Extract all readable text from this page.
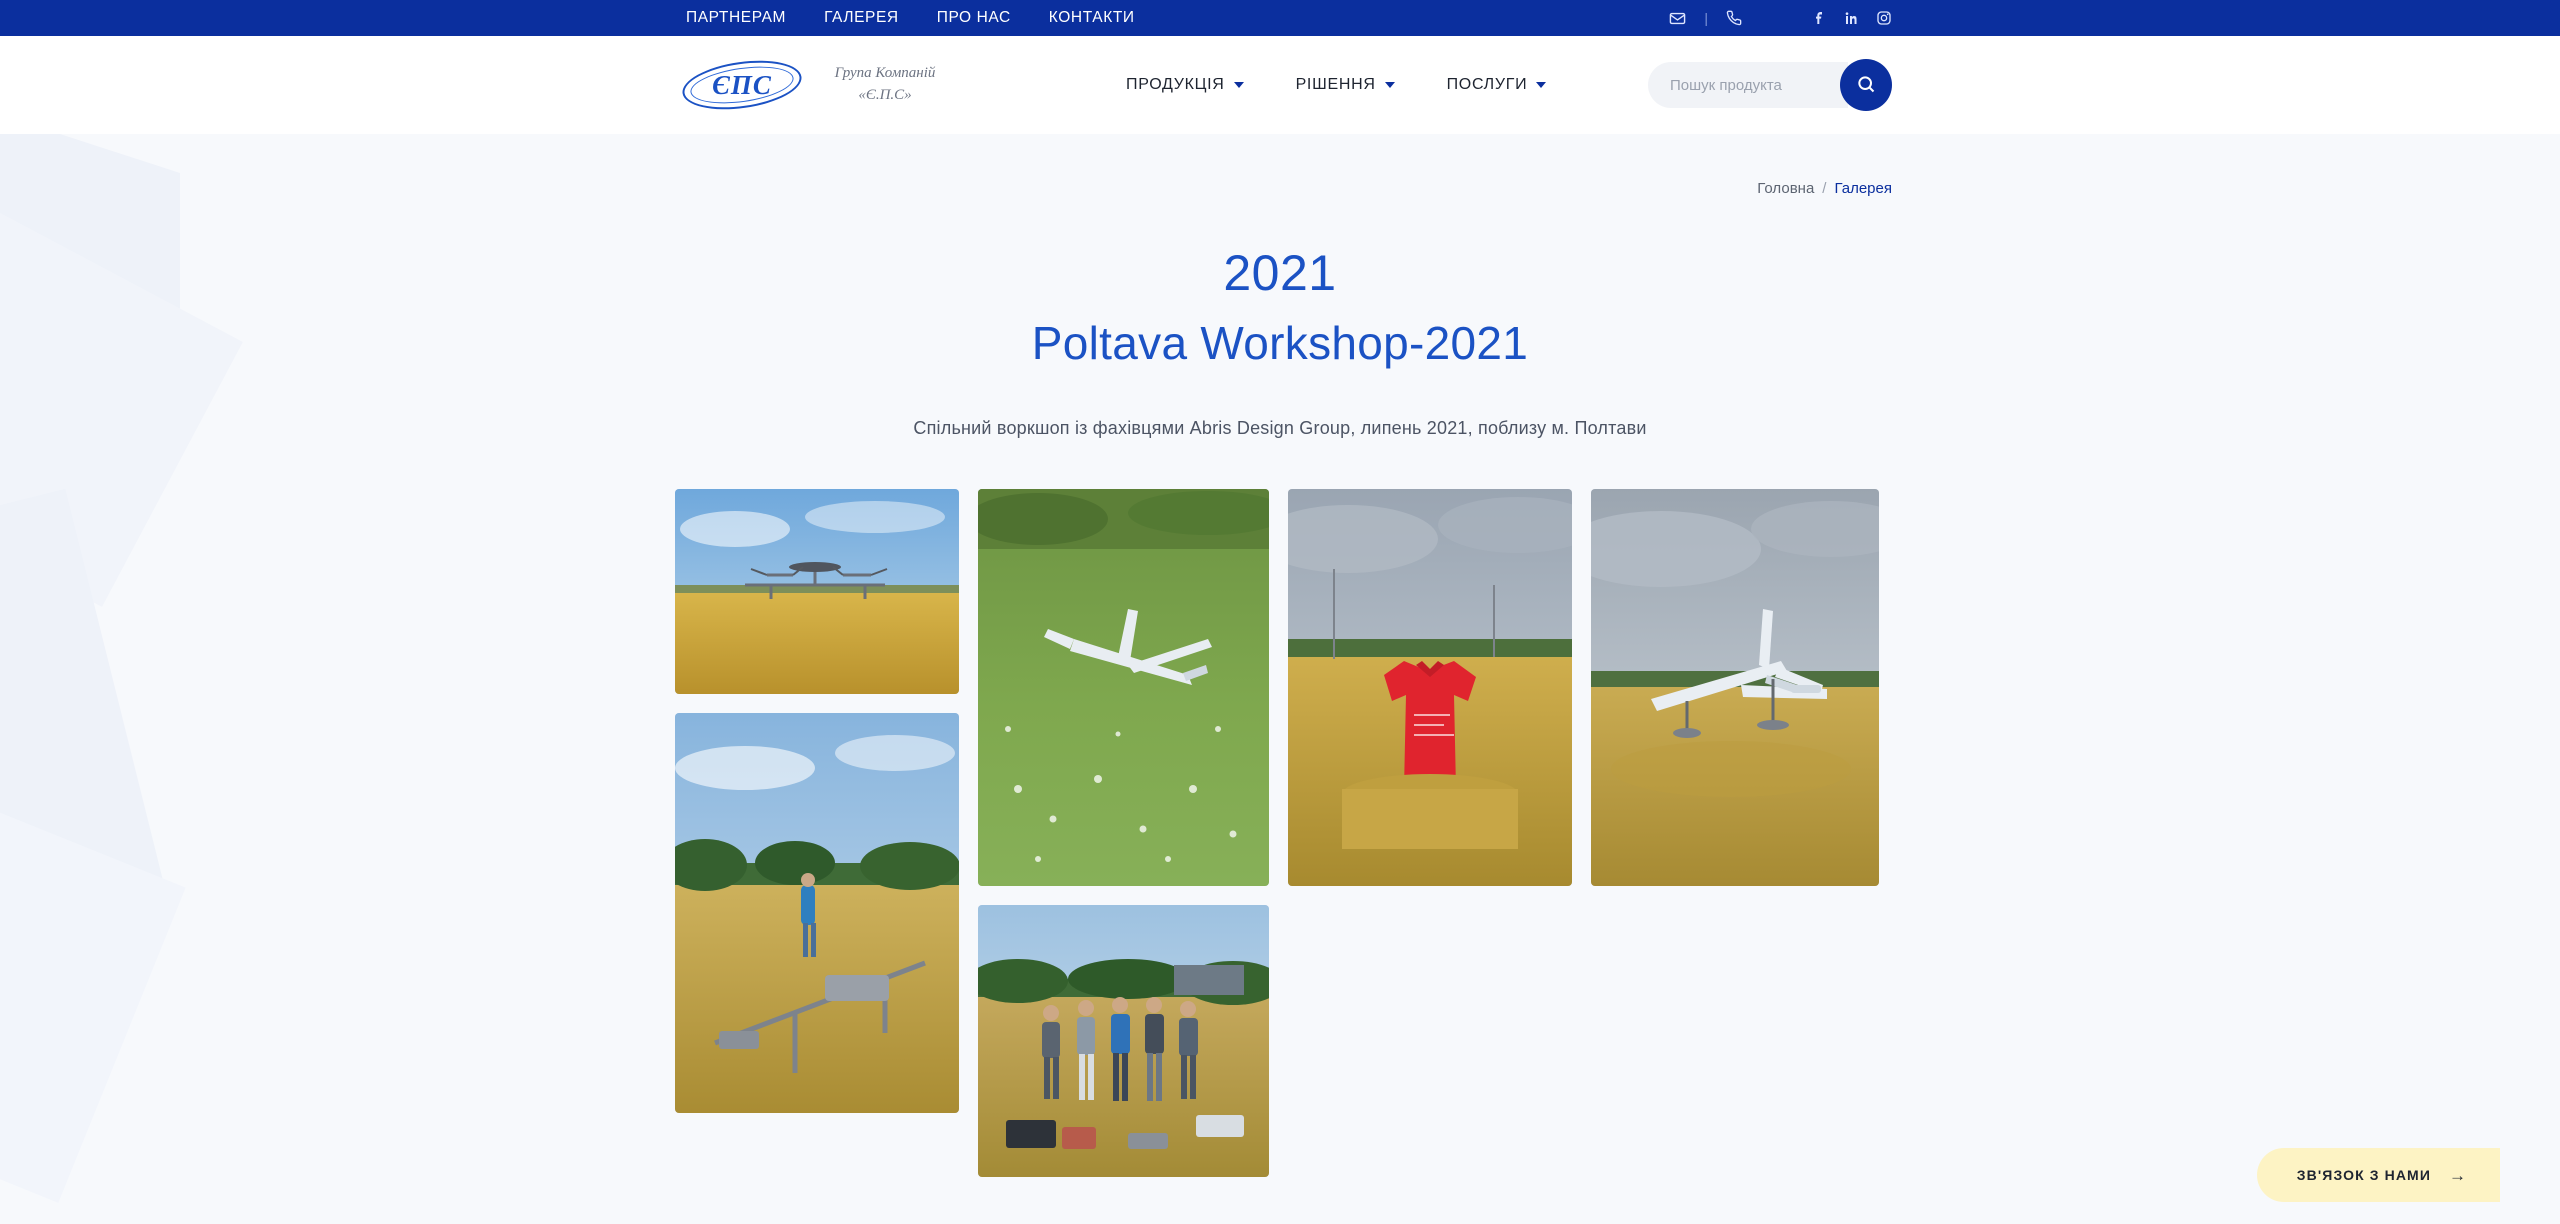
ПАРТНЕРАМ ГАЛЕРЕЯ ПРО НАС КОНТАКТИ	|
ЄПС	Група Компаній
«Є.П.С»
ПРОДУКЦІЯ	РІШЕННЯ	ПОСЛУГИ
Пошук продукта
Головна / Галерея
2021
Poltava Workshop-2021

Спільний воркшоп із фахівцями Abris Design Group, липень 2021, поблизу м. Полтави

ЗВ'ЯЗОК З НАМИ →
